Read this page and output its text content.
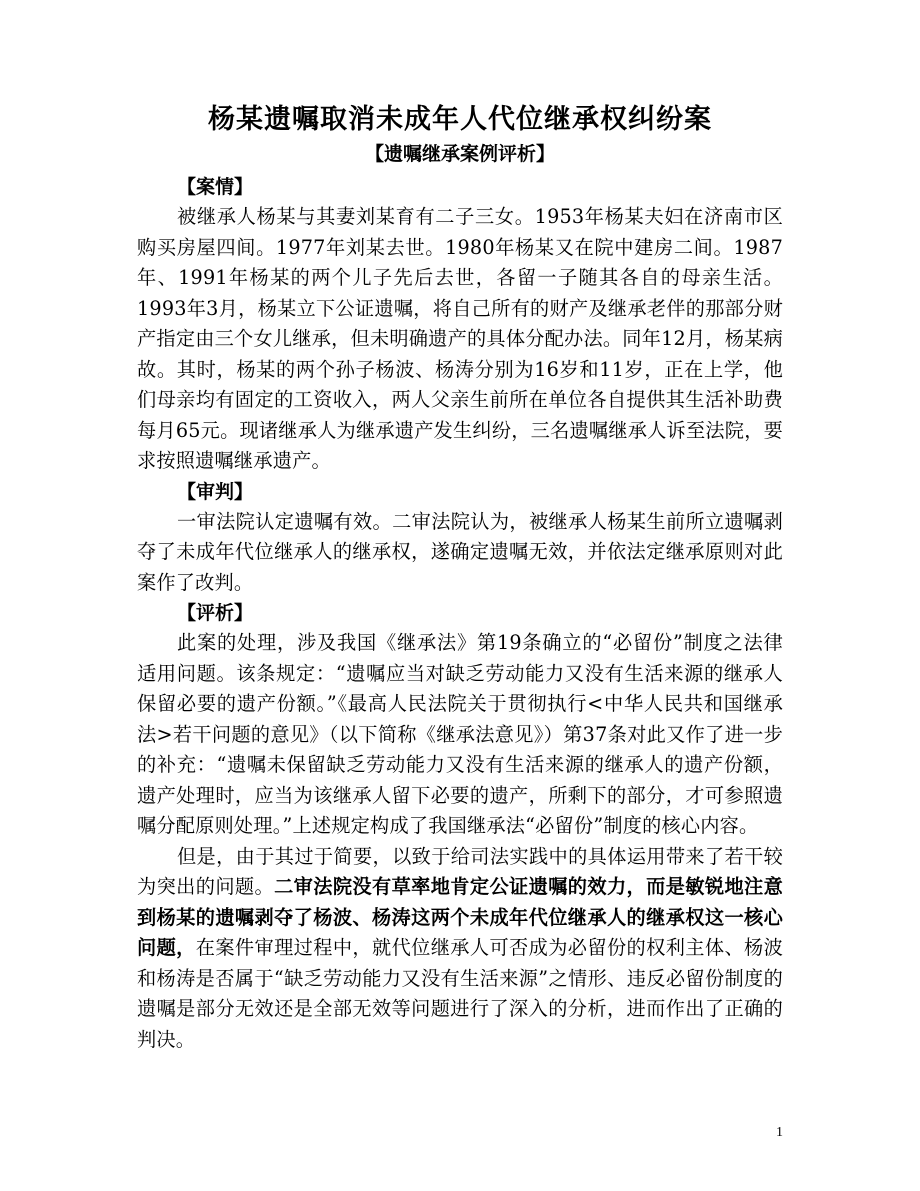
杨某遗嘱取消未成年人代位继承权纠纷案
【遗嘱继承案例评析】
【案情】

被继承人杨某与其妻刘某育有二子三女。1953年杨某夫妇在济南市区购买房屋四间。1977年刘某去世。1980年杨某又在院中建房二间。1987年、1991年杨某的两个儿子先后去世，各留一子随其各自的母亲生活。1993年3月，杨某立下公证遗嘱，将自己所有的财产及继承老伴的那部分财产指定由三个女儿继承，但未明确遗产的具体分配办法。同年12月，杨某病故。其时，杨某的两个孙子杨波、杨涛分别为16岁和11岁，正在上学，他们母亲均有固定的工资收入，两人父亲生前所在单位各自提供其生活补助费每月65元。现诸继承人为继承遗产发生纠纷，三名遗嘱继承人诉至法院，要求按照遗嘱继承遗产。

【审判】

一审法院认定遗嘱有效。二审法院认为，被继承人杨某生前所立遗嘱剥夺了未成年代位继承人的继承权，遂确定遗嘱无效，并依法定继承原则对此案作了改判。

【评析】

此案的处理，涉及我国《继承法》第19条确立的“必留份”制度之法律适用问题。该条规定：“遗嘱应当对缺乏劳动能力又没有生活来源的继承人保留必要的遗产份额。”《最高人民法院关于贯彻执行<中华人民共和国继承法>若干问题的意见》（以下简称《继承法意见》）第37条对此又作了进一步的补充：“遗嘱未保留缺乏劳动能力又没有生活来源的继承人的遗产份额，遗产处理时，应当为该继承人留下必要的遗产，所剩下的部分，才可参照遗嘱分配原则处理。”上述规定构成了我国继承法“必留份”制度的核心内容。

但是，由于其过于简要，以致于给司法实践中的具体运用带来了若干较为突出的问题。二审法院没有草率地肯定公证遗嘱的效力，而是敏锐地注意到杨某的遗嘱剥夺了杨波、杨涛这两个未成年代位继承人的继承权这一核心问题，在案件审理过程中，就代位继承人可否成为必留份的权利主体、杨波和杨涛是否属于“缺乏劳动能力又没有生活来源”之情形、违反必留份制度的遗嘱是部分无效还是全部无效等问题进行了深入的分析，进而作出了正确的判决。

1
